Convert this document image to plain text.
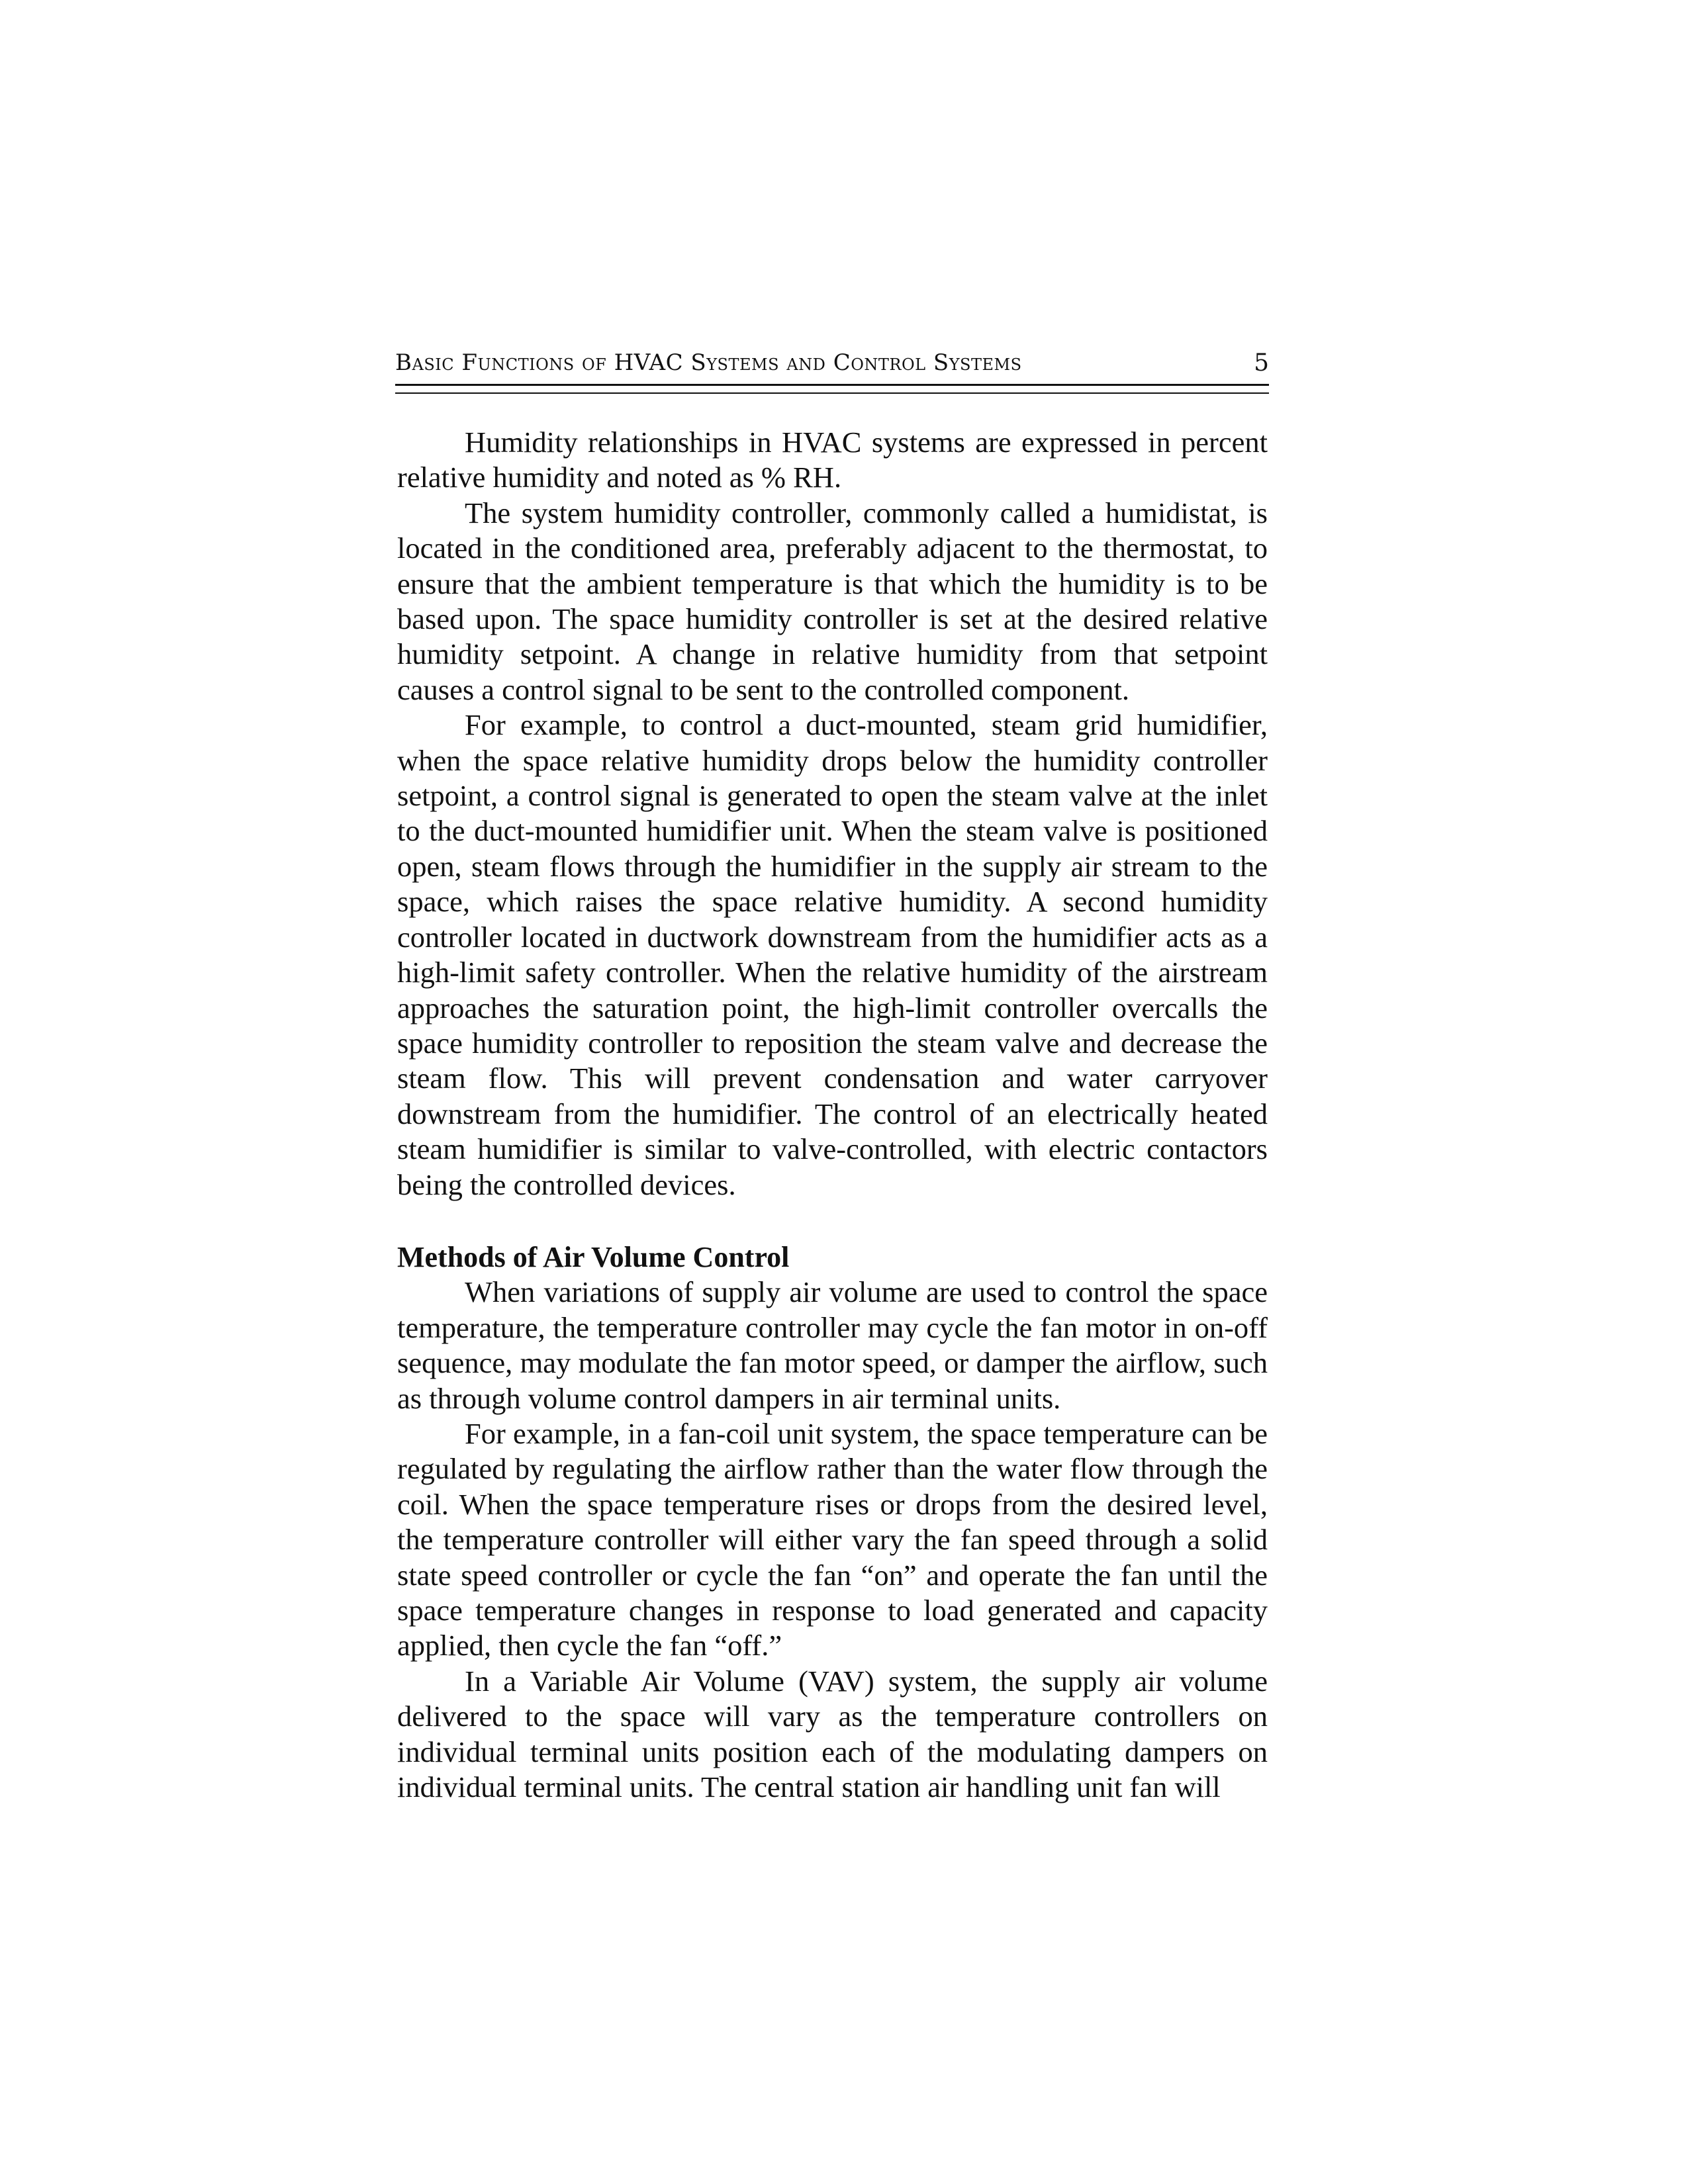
Basic Functions of HVAC Systems and Control Systems	5

Humidity relationships in HVAC systems are expressed in percent relative humidity and noted as % RH.

The system humidity controller, commonly called a humidistat, is located in the conditioned area, preferably adjacent to the thermostat, to ensure that the ambient temperature is that which the humidity is to be based upon. The space humidity controller is set at the desired relative humidity setpoint. A change in relative humidity from that setpoint causes a control signal to be sent to the controlled component.

For example, to control a duct-mounted, steam grid humidifier, when the space relative humidity drops below the humidity controller setpoint, a control signal is generated to open the steam valve at the inlet to the duct-mounted humidifier unit. When the steam valve is positioned open, steam flows through the humidifier in the supply air stream to the space, which raises the space relative humidity. A second humidity controller located in ductwork downstream from the humidifier acts as a high-limit safety controller. When the relative humidity of the airstream approaches the saturation point, the high-limit controller overcalls the space humidity controller to reposition the steam valve and decrease the steam flow. This will prevent condensation and water carryover downstream from the humidifier. The control of an electrically heated steam humidifier is similar to valve-controlled, with electric contactors being the controlled devices.

Methods of Air Volume Control

When variations of supply air volume are used to control the space temperature, the temperature controller may cycle the fan motor in on-off sequence, may modulate the fan motor speed, or damper the airflow, such as through volume control dampers in air terminal units.

For example, in a fan-coil unit system, the space temperature can be regulated by regulating the airflow rather than the water flow through the coil. When the space temperature rises or drops from the desired level, the temperature controller will either vary the fan speed through a solid state speed controller or cycle the fan “on” and operate the fan until the space temperature changes in response to load generated and capacity applied, then cycle the fan “off.”

In a Variable Air Volume (VAV) system, the supply air volume delivered to the space will vary as the temperature controllers on individual terminal units position each of the modulating dampers on individual terminal units. The central station air handling unit fan will
